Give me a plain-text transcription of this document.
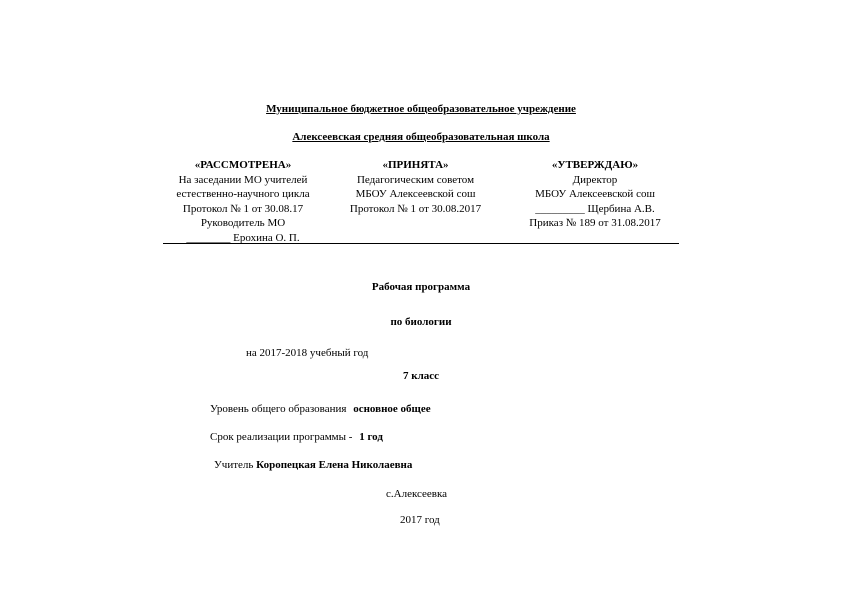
Муниципальное бюджетное общеобразовательное учреждение
Алексеевская средняя общеобразовательная школа
«РАССМОТРЕНА»
На заседании МО учителей
естественно-научного цикла
Протокол № 1 от 30.08.17
Руководитель МО
________ Ерохина О. П.
«ПРИНЯТА»
Педагогическим советом
МБОУ Алексеевской сош
Протокол № 1 от 30.08.2017
«УТВЕРЖДАЮ»
Директор
МБОУ Алексеевской сош
_________ Щербина А.В.
Приказ № 189 от 31.08.2017
Рабочая программа
по биологии
на 2017-2018 учебный год
7 класс
Уровень общего образования основное общее
Срок реализации программы - 1 год
Учитель Коропецкая Елена Николаевна
с.Алексеевка
2017 год
